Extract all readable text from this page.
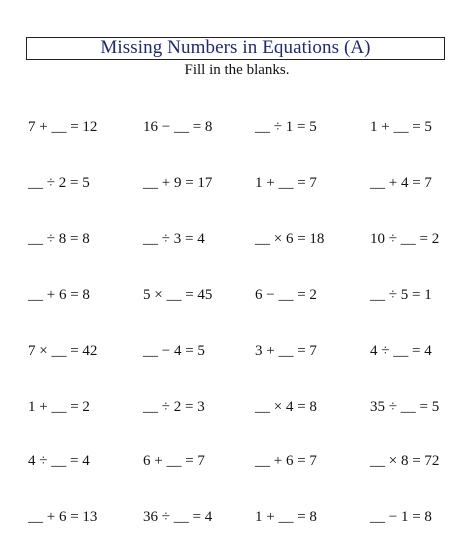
Missing Numbers in Equations (A)
Fill in the blanks.
7 + __ = 12	16 − __ = 8	__ ÷ 1 = 5	1 + __ = 5
__ ÷ 2 = 5	__ + 9 = 17	1 + __ = 7	__ + 4 = 7
__ ÷ 8 = 8	__ ÷ 3 = 4	__ × 6 = 18	10 ÷ __ = 2
__ + 6 = 8	5 × __ = 45	6 − __ = 2	__ ÷ 5 = 1
7 × __ = 42	__ − 4 = 5	3 + __ = 7	4 ÷ __ = 4
1 + __ = 2	__ ÷ 2 = 3	__ × 4 = 8	35 ÷ __ = 5
4 ÷ __ = 4	6 + __ = 7	__ + 6 = 7	__ × 8 = 72
__ + 6 = 13	36 ÷ __ = 4	1 + __ = 8	__ − 1 = 8
